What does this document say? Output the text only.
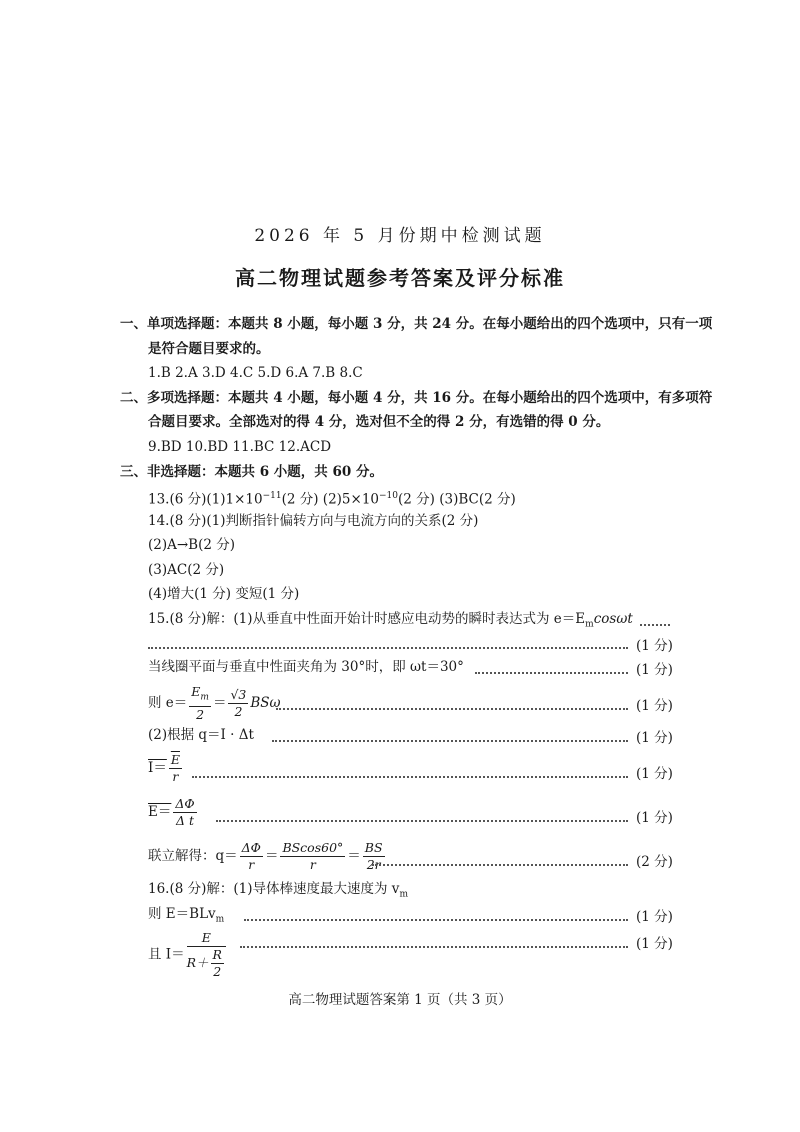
2026 年 5 月份期中检测试题
高二物理试题参考答案及评分标准
一、单项选择题：本题共 8 小题，每小题 3 分，共 24 分。在每小题给出的四个选项中，只有一项
是符合题目要求的。
1.B 2.A 3.D 4.C 5.D 6.A 7.B 8.C
二、多项选择题：本题共 4 小题，每小题 4 分，共 16 分。在每小题给出的四个选项中，有多项符
合题目要求。全部选对的得 4 分，选对但不全的得 2 分，有选错的得 0 分。
9.BD 10.BD 11.BC 12.ACD
三、非选择题：本题共 6 小题，共 60 分。
13.(6 分)$(1)1\times 10^{-11}(2$ 分) $(2)5\times 10^{-10}(2$ 分) (3)BC(2 分)
14.(8 分)(1)判断指针偏转方向与电流方向的关系(2 分)
(2)A→B(2 分)
(3)AC(2 分)
(4)增大(1 分) 变短(1 分)
15.(8 分)解：(1)从垂直中性面开始计时感应电动势的瞬时表达式为 $e=E_m\cos\omega t$
(1 分)
当线圈平面与垂直中性面夹角为 30°时，即 ωt＝30°	(1 分)
则 $e= \frac{E_m}{2} = \frac{√3}{2}$ BSω	(1 分)
(2)根据 q＝I · Δt	(1 分)
$I= \frac{\overline{E}}{r}$	(1 分)
$E= \frac{\Delta\Phi}{\text{Δ t}}$	(1 分)
联立解得：$q= \frac{\Delta\Phi}{r} = \frac{BScos60^\circ}{r} = \frac{BS}{2r}$	(2 分)
16.(8 分)解：(1)导体棒速度最大速度为 $v_m$
则 E＝BLv$_m$	(1 分)
且 $I= \frac{E}{R+ \frac{R}{2}}$	(1 分)
高二物理试题答案第 1 页（共 3 页）
